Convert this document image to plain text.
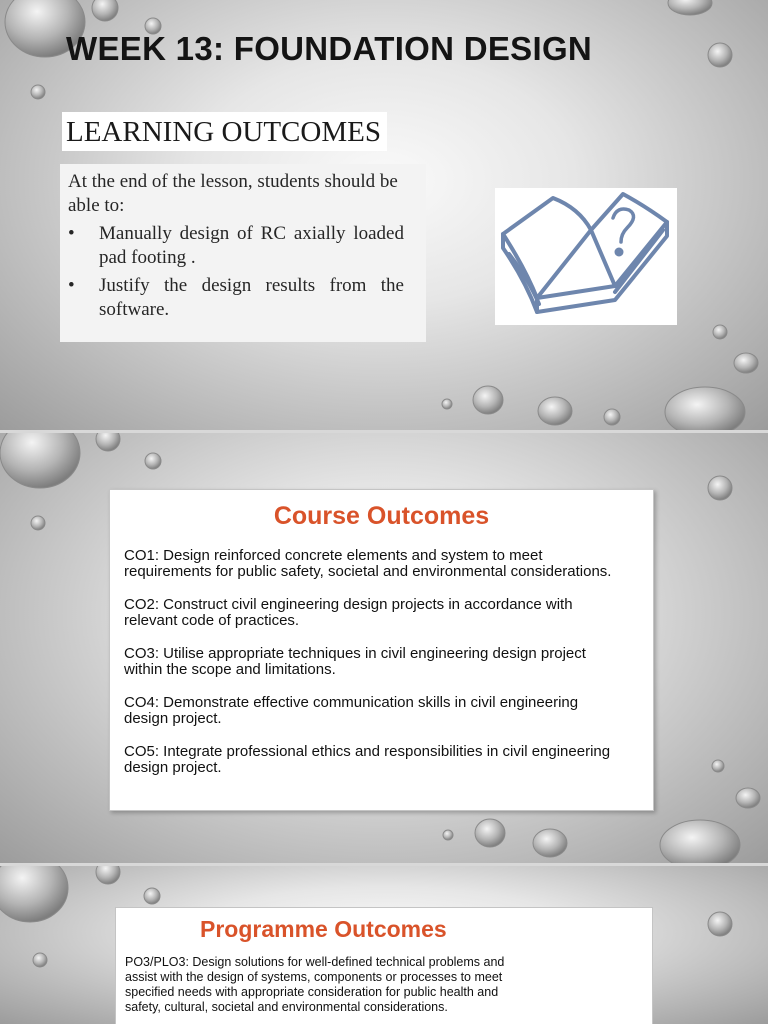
WEEK 13: FOUNDATION DESIGN
LEARNING OUTCOMES

At the end of the lesson, students should be able to:

• Manually design of RC axially loaded pad footing .
• Justify the design results from the software.
Course Outcomes
CO1: Design reinforced concrete elements and system to meet requirements for public safety, societal and environmental considerations.
CO2: Construct civil engineering design projects in accordance with relevant code of practices.
CO3: Utilise appropriate techniques in civil engineering design project within the scope and limitations.
CO4: Demonstrate effective communication skills in civil engineering design project.
CO5: Integrate professional ethics and responsibilities in civil engineering design project.
Programme Outcomes

PO3/PLO3: Design solutions for well-defined technical problems and assist with the design of systems, components or processes to meet specified needs with appropriate consideration for public health and safety, cultural, societal and environmental considerations.
